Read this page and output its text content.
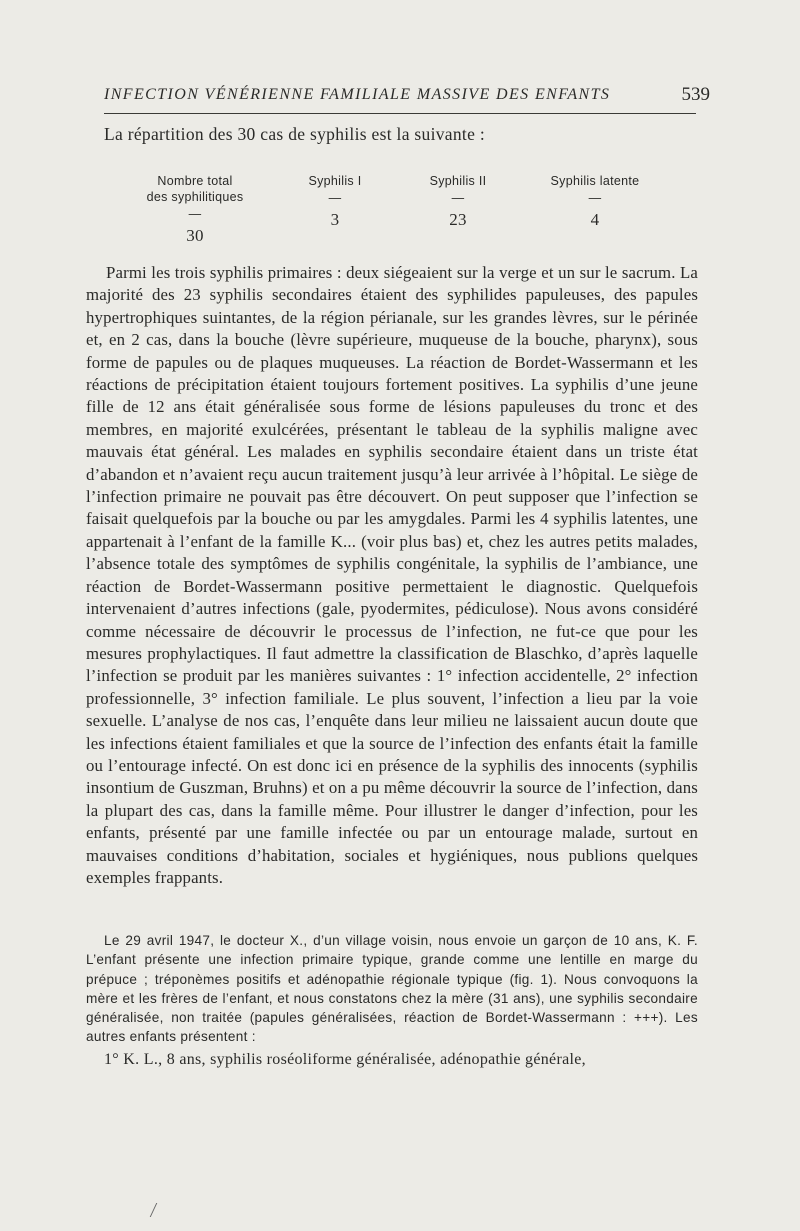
INFECTION VÉNÉRIENNE FAMILIALE MASSIVE DES ENFANTS	539
La répartition des 30 cas de syphilis est la suivante :
Nombre total
des syphilitiques
—
30
Syphilis I
—
3
Syphilis II
—
23
Syphilis latente
—
4

Parmi les trois syphilis primaires : deux siégeaient sur la verge et un sur le sacrum. La majorité des 23 syphilis secondaires étaient des syphilides papuleuses, des papules hypertrophiques suintantes, de la région périanale, sur les grandes lèvres, sur le périnée et, en 2 cas, dans la bouche (lèvre supérieure, muqueuse de la bouche, pharynx), sous forme de papules ou de plaques muqueuses. La réaction de Bordet-Wassermann et les réactions de précipitation étaient toujours fortement positives. La syphilis d’une jeune fille de 12 ans était généralisée sous forme de lésions papuleuses du tronc et des membres, en majorité exulcérées, présentant le tableau de la syphilis maligne avec mauvais état général. Les malades en syphilis secondaire étaient dans un triste état d’abandon et n’avaient reçu aucun traitement jusqu’à leur arrivée à l’hôpital. Le siège de l’infection primaire ne pouvait pas être découvert. On peut supposer que l’infection se faisait quelquefois par la bouche ou par les amygdales. Parmi les 4 syphilis latentes, une appartenait à l’enfant de la famille K... (voir plus bas) et, chez les autres petits malades, l’absence totale des symptômes de syphilis congénitale, la syphilis de l’ambiance, une réaction de Bordet-Wassermann positive permettaient le diagnostic. Quelquefois intervenaient d’autres infections (gale, pyodermites, pédiculose). Nous avons considéré comme nécessaire de découvrir le processus de l’infection, ne fut-ce que pour les mesures prophylactiques. Il faut admettre la classification de Blaschko, d’après laquelle l’infection se produit par les manières suivantes : 1° infection accidentelle, 2° infection professionnelle, 3° infection familiale. Le plus souvent, l’infection a lieu par la voie sexuelle. L’analyse de nos cas, l’enquête dans leur milieu ne laissaient aucun doute que les infections étaient familiales et que la source de l’infection des enfants était la famille ou l’entourage infecté. On est donc ici en présence de la syphilis des innocents (syphilis insontium de Guszman, Bruhns) et on a pu même découvrir la source de l’infection, dans la plupart des cas, dans la famille même. Pour illustrer le danger d’infection, pour les enfants, présenté par une famille infectée ou par un entourage malade, surtout en mauvaises conditions d’habitation, sociales et hygiéniques, nous publions quelques exemples frappants.

Le 29 avril 1947, le docteur X., d’un village voisin, nous envoie un garçon de 10 ans, K. F. L’enfant présente une infection primaire typique, grande comme une lentille en marge du prépuce ; tréponèmes positifs et adénopathie régionale typique (fig. 1). Nous convoquons la mère et les frères de l’enfant, et nous constatons chez la mère (31 ans), une syphilis secondaire généralisée, non traitée (papules généralisées, réaction de Bordet-Wassermann : +++). Les autres enfants présentent :

1° K. L., 8 ans, syphilis roséoliforme généralisée, adénopathie générale,
